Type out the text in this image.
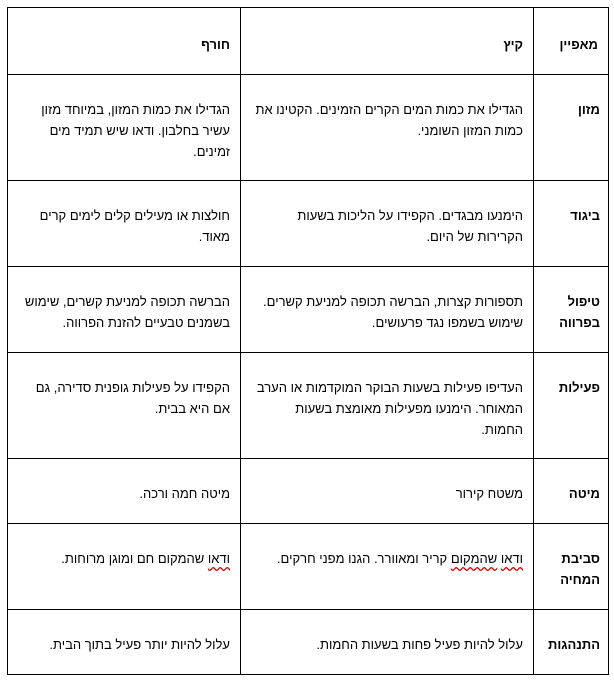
מאפיין	קיץ	חורף
מזון	הגדילו את כמות המים הקרים הזמינים. הקטינו את כמות המזון השומני.	הגדילו את כמות המזון, במיוחד מזון עשיר בחלבון. ודאו שיש תמיד מים זמינים.
ביגוד	הימנעו מבגדים. הקפידו על הליכות בשעות הקרירות של היום.	חולצות או מעילים קלים לימים קרים מאוד.
טיפול בפרווה	תספורות קצרות, הברשה תכופה למניעת קשרים. שימוש בשמפו נגד פרעושים.	הברשה תכופה למניעת קשרים, שימוש בשמנים טבעיים להזנת הפרווה.
פעילות	העדיפו פעילות בשעות הבוקר המוקדמות או הערב המאוחר. הימנעו מפעילות מאומצת בשעות החמות.	הקפידו על פעילות גופנית סדירה, גם אם היא בבית.
מיטה	משטח קירור	מיטה חמה ורכה.
סביבת המחיה	ודאו שהמקום קריר ומאוורר. הגנו מפני חרקים.	ודאו שהמקום חם ומוגן מרוחות.
התנהגות	עלול להיות פעיל פחות בשעות החמות.	עלול להיות יותר פעיל בתוך הבית.
